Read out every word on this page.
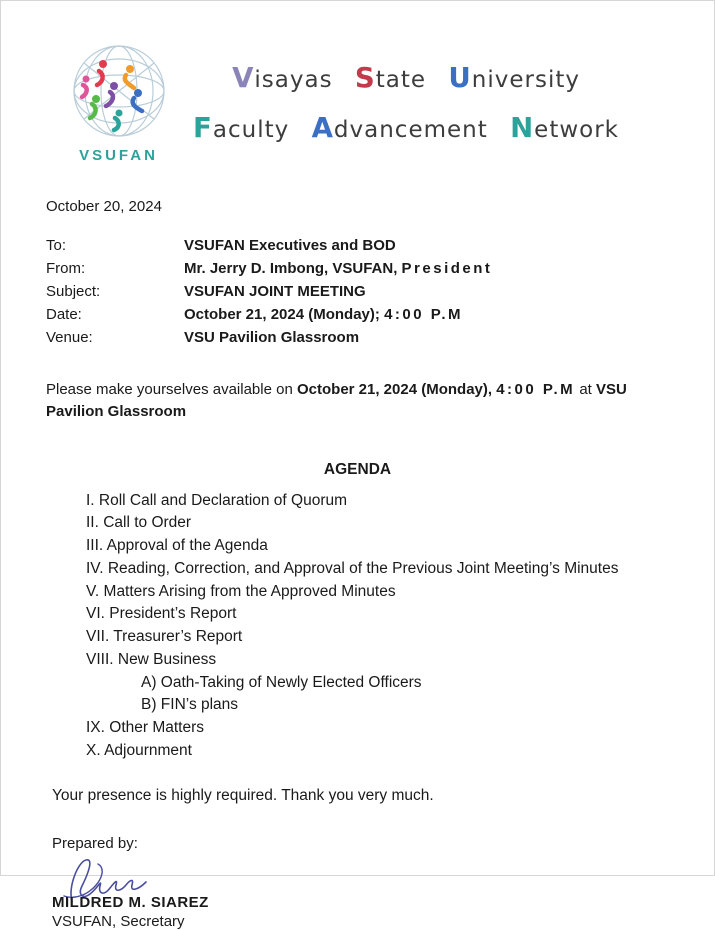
VSUFAN
Visayas State University
Faculty Advancement Network
October 20, 2024
To:	VSUFAN Executives and BOD
From:	Mr. Jerry D. Imbong, VSUFAN, President
Subject:	VSUFAN JOINT MEETING
Date:	October 21, 2024 (Monday); 4:00 P.M
Venue:	VSU Pavilion Glassroom

Please make yourselves available on October 21, 2024 (Monday), 4:00 P.M at VSU Pavilion Glassroom

AGENDA
I. Roll Call and Declaration of Quorum
II. Call to Order
III. Approval of the Agenda
IV. Reading, Correction, and Approval of the Previous Joint Meeting’s Minutes
V. Matters Arising from the Approved Minutes
VI. President’s Report
VII. Treasurer’s Report
VIII. New Business
A) Oath-Taking of Newly Elected Officers
B) FIN’s plans
IX. Other Matters
X. Adjournment

Your presence is highly required. Thank you very much.

Prepared by:
MILDRED M. SIAREZ
VSUFAN, Secretary
